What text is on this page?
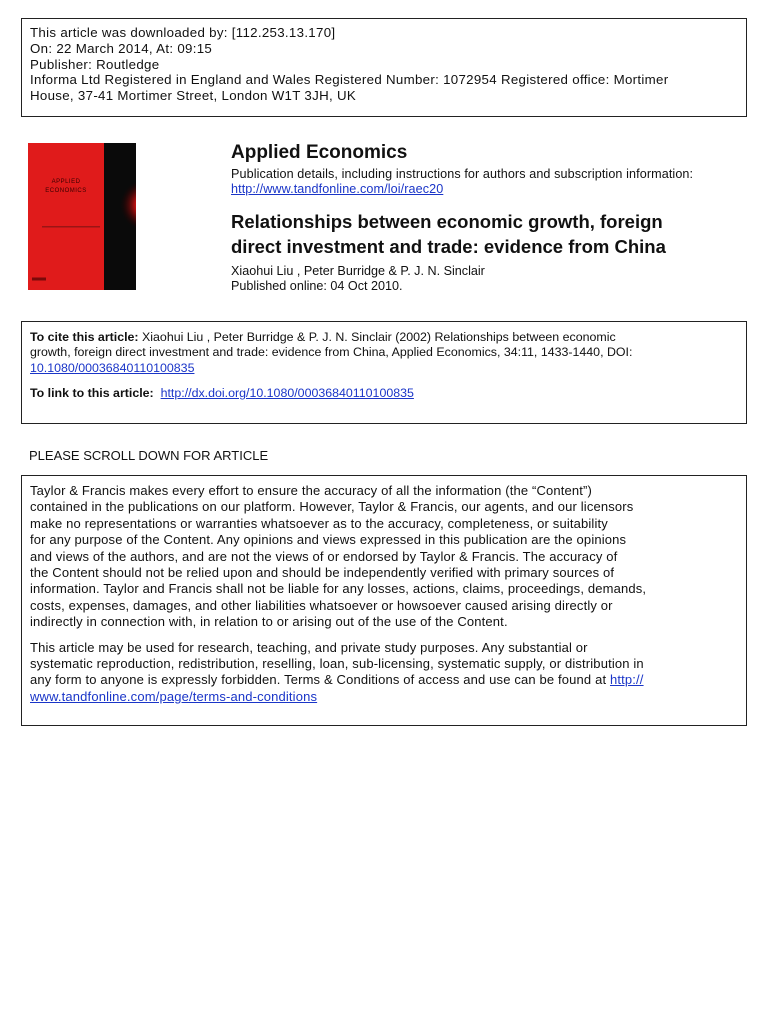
This article was downloaded by: [112.253.13.170]
On: 22 March 2014, At: 09:15
Publisher: Routledge
Informa Ltd Registered in England and Wales Registered Number: 1072954 Registered office: Mortimer
House, 37-41 Mortimer Street, London W1T 3JH, UK
APPLIED
ECONOMICS
Applied Economics
Publication details, including instructions for authors and subscription information:
http://www.tandfonline.com/loi/raec20
Relationships between economic growth, foreign
direct investment and trade: evidence from China
Xiaohui Liu , Peter Burridge & P. J. N. Sinclair
Published online: 04 Oct 2010.
To cite this article: Xiaohui Liu , Peter Burridge & P. J. N. Sinclair (2002) Relationships between economic
growth, foreign direct investment and trade: evidence from China, Applied Economics, 34:11, 1433-1440, DOI:
10.1080/00036840110100835
To link to this article: http://dx.doi.org/10.1080/00036840110100835
PLEASE SCROLL DOWN FOR ARTICLE
Taylor & Francis makes every effort to ensure the accuracy of all the information (the “Content”)
contained in the publications on our platform. However, Taylor & Francis, our agents, and our licensors
make no representations or warranties whatsoever as to the accuracy, completeness, or suitability
for any purpose of the Content. Any opinions and views expressed in this publication are the opinions
and views of the authors, and are not the views of or endorsed by Taylor & Francis. The accuracy of
the Content should not be relied upon and should be independently verified with primary sources of
information. Taylor and Francis shall not be liable for any losses, actions, claims, proceedings, demands,
costs, expenses, damages, and other liabilities whatsoever or howsoever caused arising directly or
indirectly in connection with, in relation to or arising out of the use of the Content.
This article may be used for research, teaching, and private study purposes. Any substantial or
systematic reproduction, redistribution, reselling, loan, sub-licensing, systematic supply, or distribution in
any form to anyone is expressly forbidden. Terms & Conditions of access and use can be found at http://
www.tandfonline.com/page/terms-and-conditions
